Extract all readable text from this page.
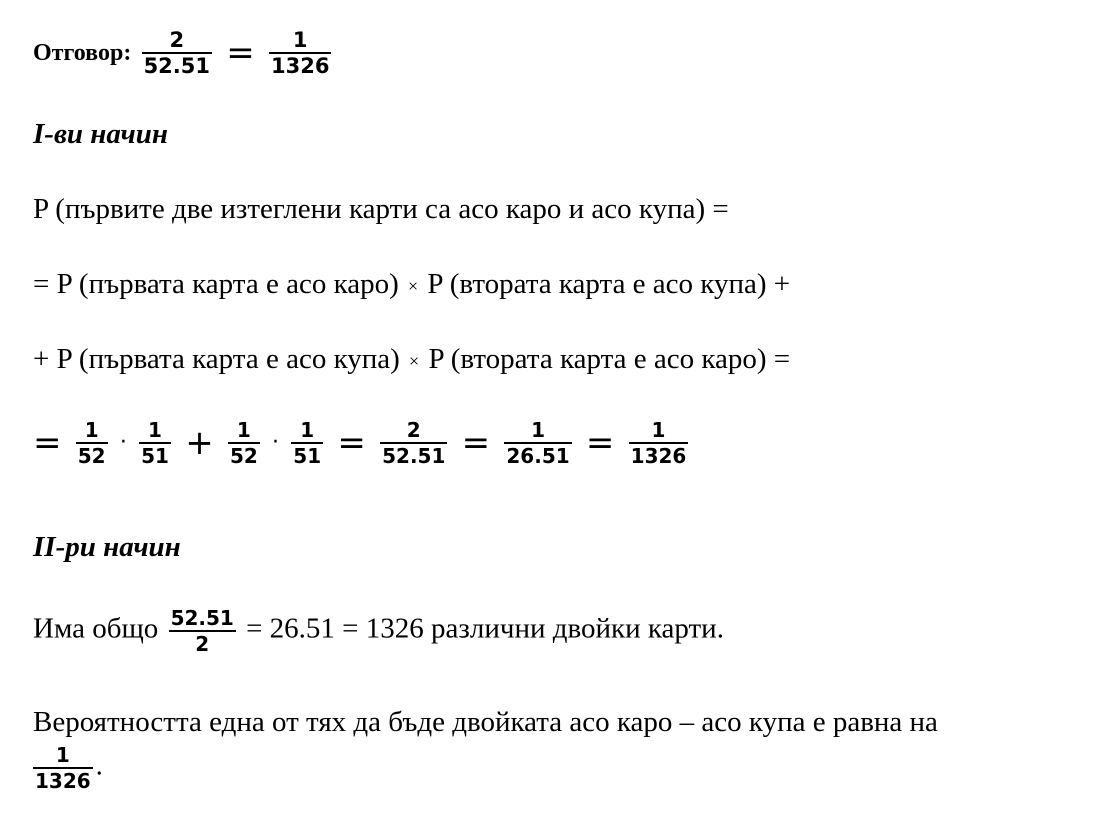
Отговор: $\frac{2}{52.51} = \frac{1}{1326}$
I-ви начин
P (първите две изтеглени карти са асо каро и асо купа) =
= P (първата карта е асо каро) × P (втората карта е асо купа) +
+ P (първата карта е асо купа) × P (втората карта е асо каро) =
= $\frac{1}{52} \cdot \frac{1}{51} + \frac{1}{52} \cdot \frac{1}{51} = \frac{2}{52.51} = \frac{1}{26.51} = \frac{1}{1326}$
II-ри начин
Има общо $\frac{52.51}{2} = 26.51 = 1326$ различни двойки карти.
Вероятността една от тях да бъде двойката асо каро – асо купа е равна на
$\frac{1}{1326}$ .
